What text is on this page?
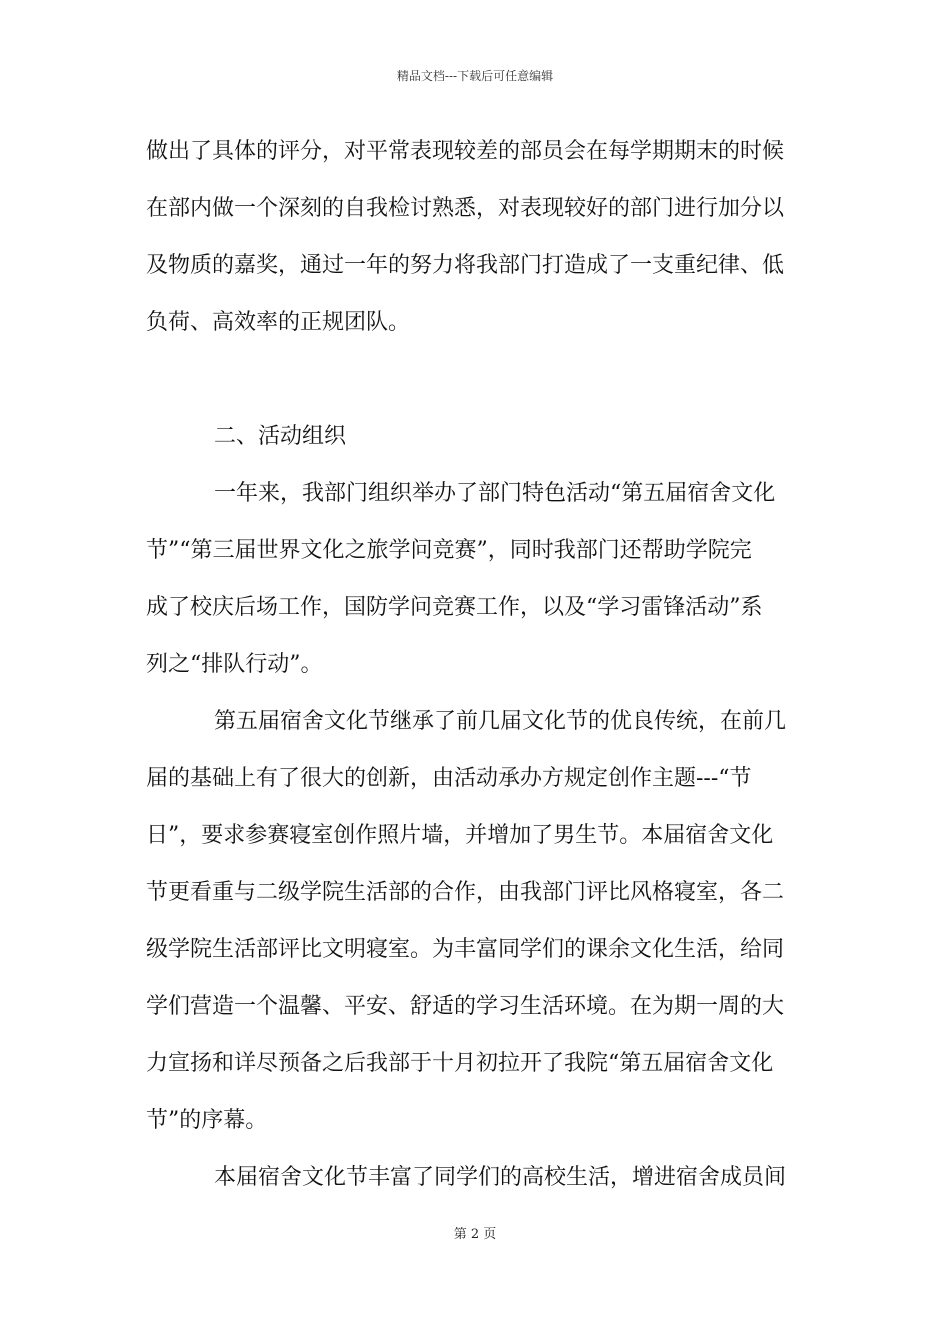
精品文档---下载后可任意编辑
做出了具体的评分，对平常表现较差的部员会在每学期期末的时候
在部内做一个深刻的自我检讨熟悉，对表现较好的部门进行加分以
及物质的嘉奖，通过一年的努力将我部门打造成了一支重纪律、低
负荷、高效率的正规团队。
二、活动组织
一年来，我部门组织举办了部门特色活动“第五届宿舍文化
节”“第三届世界文化之旅学问竞赛”，同时我部门还帮助学院完
成了校庆后场工作，国防学问竞赛工作，以及“学习雷锋活动”系
列之“排队行动”。
第五届宿舍文化节继承了前几届文化节的优良传统，在前几
届的基础上有了很大的创新，由活动承办方规定创作主题---“节
日”，要求参赛寝室创作照片墙，并增加了男生节。本届宿舍文化
节更看重与二级学院生活部的合作，由我部门评比风格寝室，各二
级学院生活部评比文明寝室。为丰富同学们的课余文化生活，给同
学们营造一个温馨、平安、舒适的学习生活环境。在为期一周的大
力宣扬和详尽预备之后我部于十月初拉开了我院“第五届宿舍文化
节”的序幕。
本届宿舍文化节丰富了同学们的高校生活，增进宿舍成员间
第 2 页
